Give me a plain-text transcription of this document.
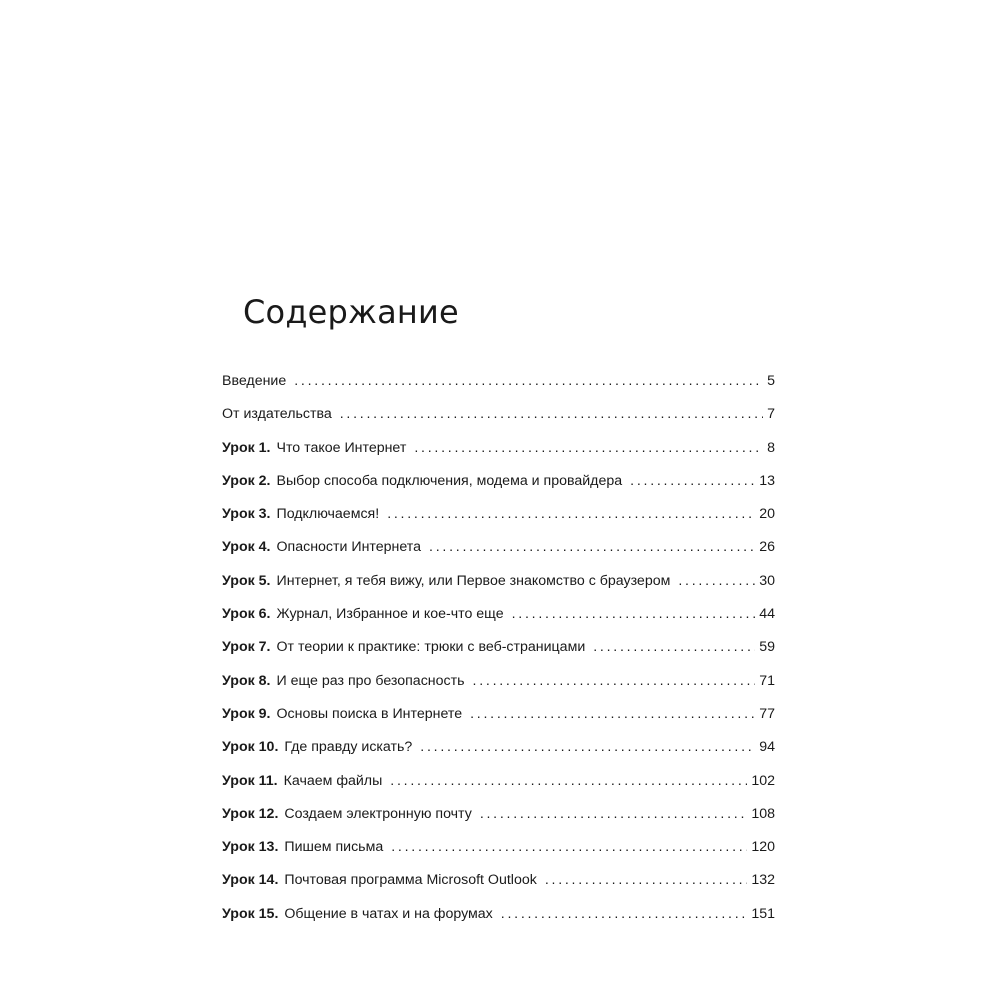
Содержание
Введение . . .	5
От издательства . . .	7
Урок 1. Что такое Интернет . . .	8
Урок 2. Выбор способа подключения, модема и провайдера . . .	13
Урок 3. Подключаемся! . . .	20
Урок 4. Опасности Интернета . . .	26
Урок 5. Интернет, я тебя вижу, или Первое знакомство с браузером . . .	30
Урок 6. Журнал, Избранное и кое-что еще . . .	44
Урок 7. От теории к практике: трюки с веб-страницами . . .	59
Урок 8. И еще раз про безопасность . . .	71
Урок 9. Основы поиска в Интернете . . .	77
Урок 10. Где правду искать? . . .	94
Урок 11. Качаем файлы . . .	102
Урок 12. Создаем электронную почту . . .	108
Урок 13. Пишем письма . . .	120
Урок 14. Почтовая программа Microsoft Outlook . . .	132
Урок 15. Общение в чатах и на форумах . . .	151
